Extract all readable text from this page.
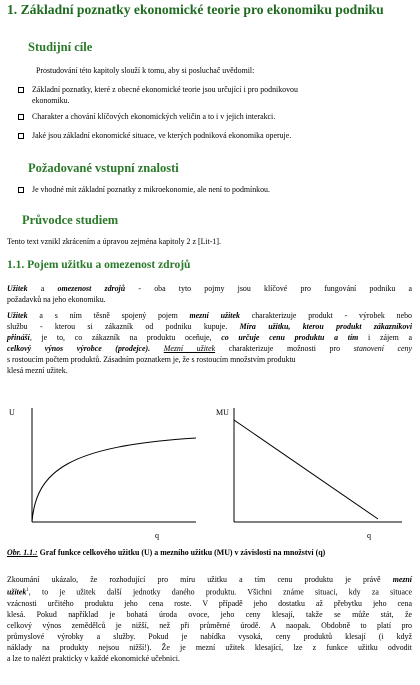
1. Základní poznatky ekonomické teorie pro ekonomiku podniku
Studijní cíle
Prostudování této kapitoly slouží k tomu, aby si posluchač uvědomil:
Základní poznatky, které z obecné ekonomické teorie jsou určující i pro podnikovou
ekonomiku.
Charakter a chování klíčových ekonomických veličin a to i v jejich interakci.
Jaké jsou základní ekonomické situace, ve kterých podniková ekonomika operuje.
Požadované vstupní znalosti
Je vhodné mít základní poznatky z mikroekonomie, ale není to podmínkou.
Průvodce studiem
Tento text vznikl zkrácením a úpravou zejména kapitoly 2 z [Lit-1].
1.1. Pojem užitku a omezenost zdrojů
Užitek a omezenost zdrojů - oba tyto pojmy jsou klíčové pro fungování podniku a
požadavků na jeho ekonomiku.
Užitek a s ním těsně spojený pojem mezní užitek charakterizuje produkt - výrobek nebo
službu - kterou si zákazník od podniku kupuje. Míra užitku, kterou produkt zákazníkovi
přináší, je to, co zákazník na produktu oceňuje, co určuje cenu produktu a tím i zájem a
celkový výnos výrobce (prodejce). Mezní užitek charakterizuje možnosti pro stanovení ceny
s rostoucím počtem produktů. Zásadním poznatkem je, že s rostoucím množstvím produktu
klesá mezní užitek.
U
q
MU
q
Obr. 1.1.: Graf funkce celkového užitku (U) a mezního užitku (MU) v závislosti na množství (q)
Zkoumání ukázalo, že rozhodující pro míru užitku a tím cenu produktu je právě mezní
užitek$^1$, to je užitek další jednotky daného produktu. Všichni známe situaci, kdy za situace
vzácnosti určitého produktu jeho cena roste. V případě jeho dostatku až přebytku jeho cena
klesá. Pokud například je bohatá úroda ovoce, jeho ceny klesají, takže se může stát, že
celkový výnos zemědělců je nižší, než při průměrné úrodě. A naopak. Obdobně to platí pro
průmyslové výrobky a služby. Pokud je nabídka vysoká, ceny produktů klesají (i když
náklady na produkty nejsou nižší!). Že je mezní užitek klesající, lze z funkce užitku odvodit
a lze to nalézt prakticky v každé ekonomické učebnici.
